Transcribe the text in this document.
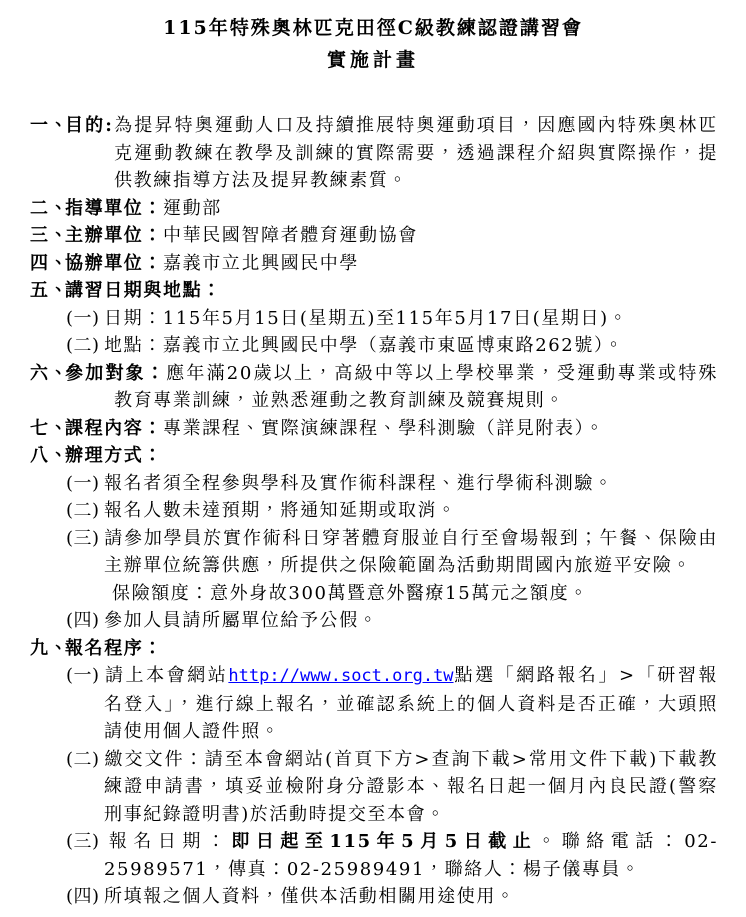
115年特殊奧林匹克田徑C級教練認證講習會
實施計畫
一、
目的:為提昇特奧運動人口及持續推展特奧運動項目，因應國內特殊奧林匹克運動教練在教學及訓練的實際需要，透過課程介紹與實際操作，提供教練指導方法及提昇教練素質。
二、
指導單位：運動部
三、
主辦單位：中華民國智障者體育運動協會
四、
協辦單位：嘉義市立北興國民中學
五、
講習日期與地點：
(一) 日期：115年5月15日(星期五)至115年5月17日(星期日)。
(二) 地點：嘉義市立北興國民中學（嘉義市東區博東路262號）。
六、
參加對象：應年滿20歲以上，高級中等以上學校畢業，受運動專業或特殊教育專業訓練，並熟悉運動之教育訓練及競賽規則。
七、
課程內容：專業課程、實際演練課程、學科測驗（詳見附表）。
八、
辦理方式：
(一) 報名者須全程參與學科及實作術科課程、進行學術科測驗。
(二) 報名人數未達預期，將通知延期或取消。
(三) 請參加學員於實作術科日穿著體育服並自行至會場報到；午餐、保險由主辦單位統籌供應，所提供之保險範圍為活動期間國內旅遊平安險。
保險額度：意外身故300萬暨意外醫療15萬元之額度。
(四) 參加人員請所屬單位給予公假。
九、
報名程序：
(一) 請上本會網站http://www.soct.org.tw點選「網路報名」>「研習報名登入」，進行線上報名，並確認系統上的個人資料是否正確，大頭照請使用個人證件照。
(二) 繳交文件：請至本會網站(首頁下方>查詢下載>常用文件下載)下載教練證申請書，填妥並檢附身分證影本、報名日起一個月內良民證(警察刑事紀錄證明書)於活動時提交至本會。
(三) 報名日期：即日起至115年5月5日截止。聯絡電話：02-25989571，傳真：02-25989491，聯絡人：楊子儀專員。
(四) 所填報之個人資料，僅供本活動相關用途使用。
